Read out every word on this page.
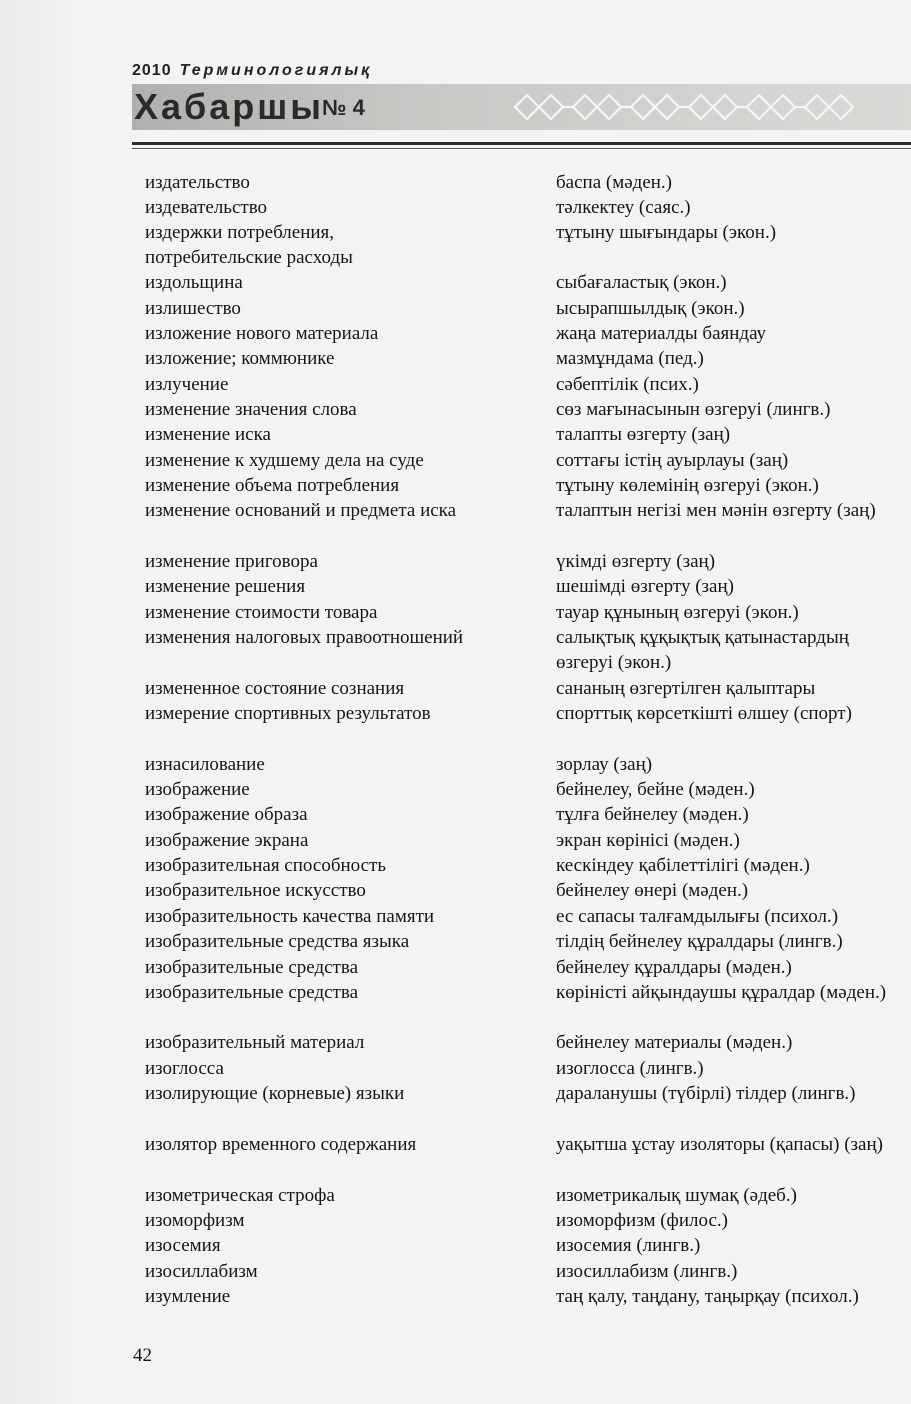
2010 Терминологиялық
Хабаршы
№ 4
издательство	баспа (мәден.)
издевательство	тәлкектеу (саяс.)
издержки потребления,	тұтыну шығындары (экон.)
потребительские расходы
издольщина	сыбағаластық (экон.)
излишество	ысырапшылдық (экон.)
изложение нового материала	жаңа материалды баяндау
изложение; коммюнике	мазмұндама (пед.)
излучение	сәбептілік (псих.)
изменение значения слова	сөз мағынасынын өзгеруі (лингв.)
изменение иска	талапты өзгерту (заң)
изменение к худшему дела на суде	соттағы істің ауырлауы (заң)
изменение объема потребления	тұтыну көлемінің өзгеруі (экон.)
изменение оснований и предмета иска	талаптын негізі мен мәнін өзгерту (заң)
изменение приговора	үкімді өзгерту (заң)
изменение решения	шешімді өзгерту (заң)
изменение стоимости товара	тауар құнының өзгеруі (экон.)
изменения налоговых правоотношений	салықтық құқықтық қатынастардың өзгеруі (экон.)
измененное состояние сознания	сананың өзгертілген қалыптары
измерение спортивных результатов	спорттық көрсеткішті өлшеу (спорт)
изнасилование	зорлау (заң)
изображение	бейнелеу, бейне (мәден.)
изображение образа	тұлға бейнелеу (мәден.)
изображение экрана	экран көрінісі (мәден.)
изобразительная способность	кескіндеу қабілеттілігі (мәден.)
изобразительное искусство	бейнелеу өнері (мәден.)
изобразительность качества памяти	ес сапасы талғамдылығы (психол.)
изобразительные средства языка	тілдің бейнелеу құралдары (лингв.)
изобразительные средства	бейнелеу құралдары (мәден.)
изобразительные средства	көріністі айқындаушы құралдар (мәден.)
изобразительный материал	бейнелеу материалы (мәден.)
изоглосса	изоглосса (лингв.)
изолирующие (корневые) языки	дараланушы (түбірлі) тілдер (лингв.)
изолятор временного содержания	уақытша ұстау изоляторы (қапасы) (заң)
изометрическая строфа	изометрикалық шумақ (әдеб.)
изоморфизм	изоморфизм (филос.)
изосемия	изосемия (лингв.)
изосиллабизм	изосиллабизм (лингв.)
изумление	таң қалу, таңдану, таңырқау (психол.)
42
